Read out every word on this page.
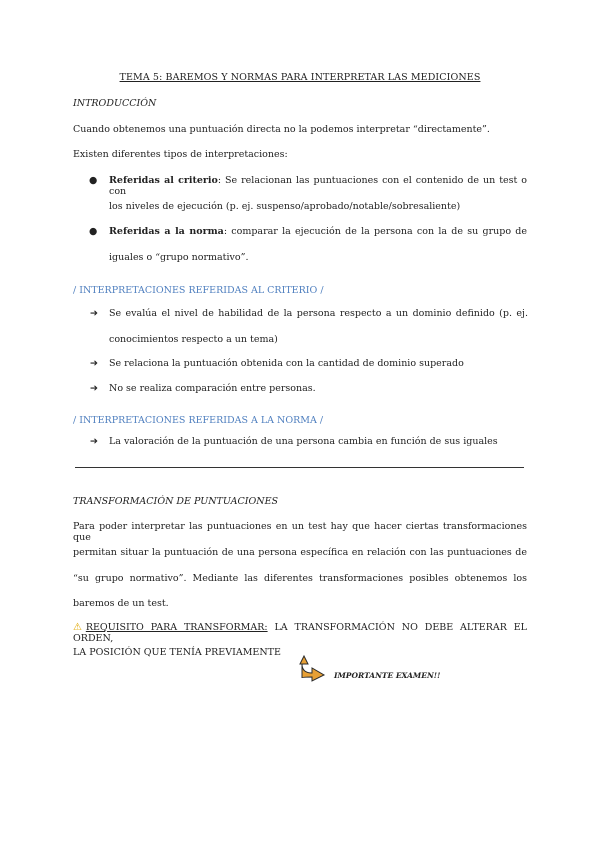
TEMA 5: BAREMOS Y NORMAS PARA INTERPRETAR LAS MEDICIONES
INTRODUCCIÓN
Cuando obtenemos una puntuación directa no la podemos interpretar “directamente”.
Existen diferentes tipos de interpretaciones:
● Referidas al criterio: Se relacionan las puntuaciones con el contenido de un test o con
los niveles de ejecución (p. ej. suspenso/aprobado/notable/sobresaliente)
● Referidas a la norma: comparar la ejecución de la persona con la de su grupo de
iguales o “grupo normativo”.
/ INTERPRETACIONES REFERIDAS AL CRITERIO /
➔ Se evalúa el nivel de habilidad de la persona respecto a un dominio definido (p. ej.
conocimientos respecto a un tema)
➔ Se relaciona la puntuación obtenida con la cantidad de dominio superado
➔ No se realiza comparación entre personas.
/ INTERPRETACIONES REFERIDAS A LA NORMA /
➔ La valoración de la puntuación de una persona cambia en función de sus iguales
TRANSFORMACIÓN DE PUNTUACIONES
Para poder interpretar las puntuaciones en un test hay que hacer ciertas transformaciones que
permitan situar la puntuación de una persona específica en relación con las puntuaciones de
“su grupo normativo”. Mediante las diferentes transformaciones posibles obtenemos los
baremos de un test.
⚠REQUISITO PARA TRANSFORMAR: LA TRANSFORMACIÓN NO DEBE ALTERAR EL ORDEN,
LA POSICIÓN QUE TENÍA PREVIAMENTE
IMPORTANTE EXAMEN!!
